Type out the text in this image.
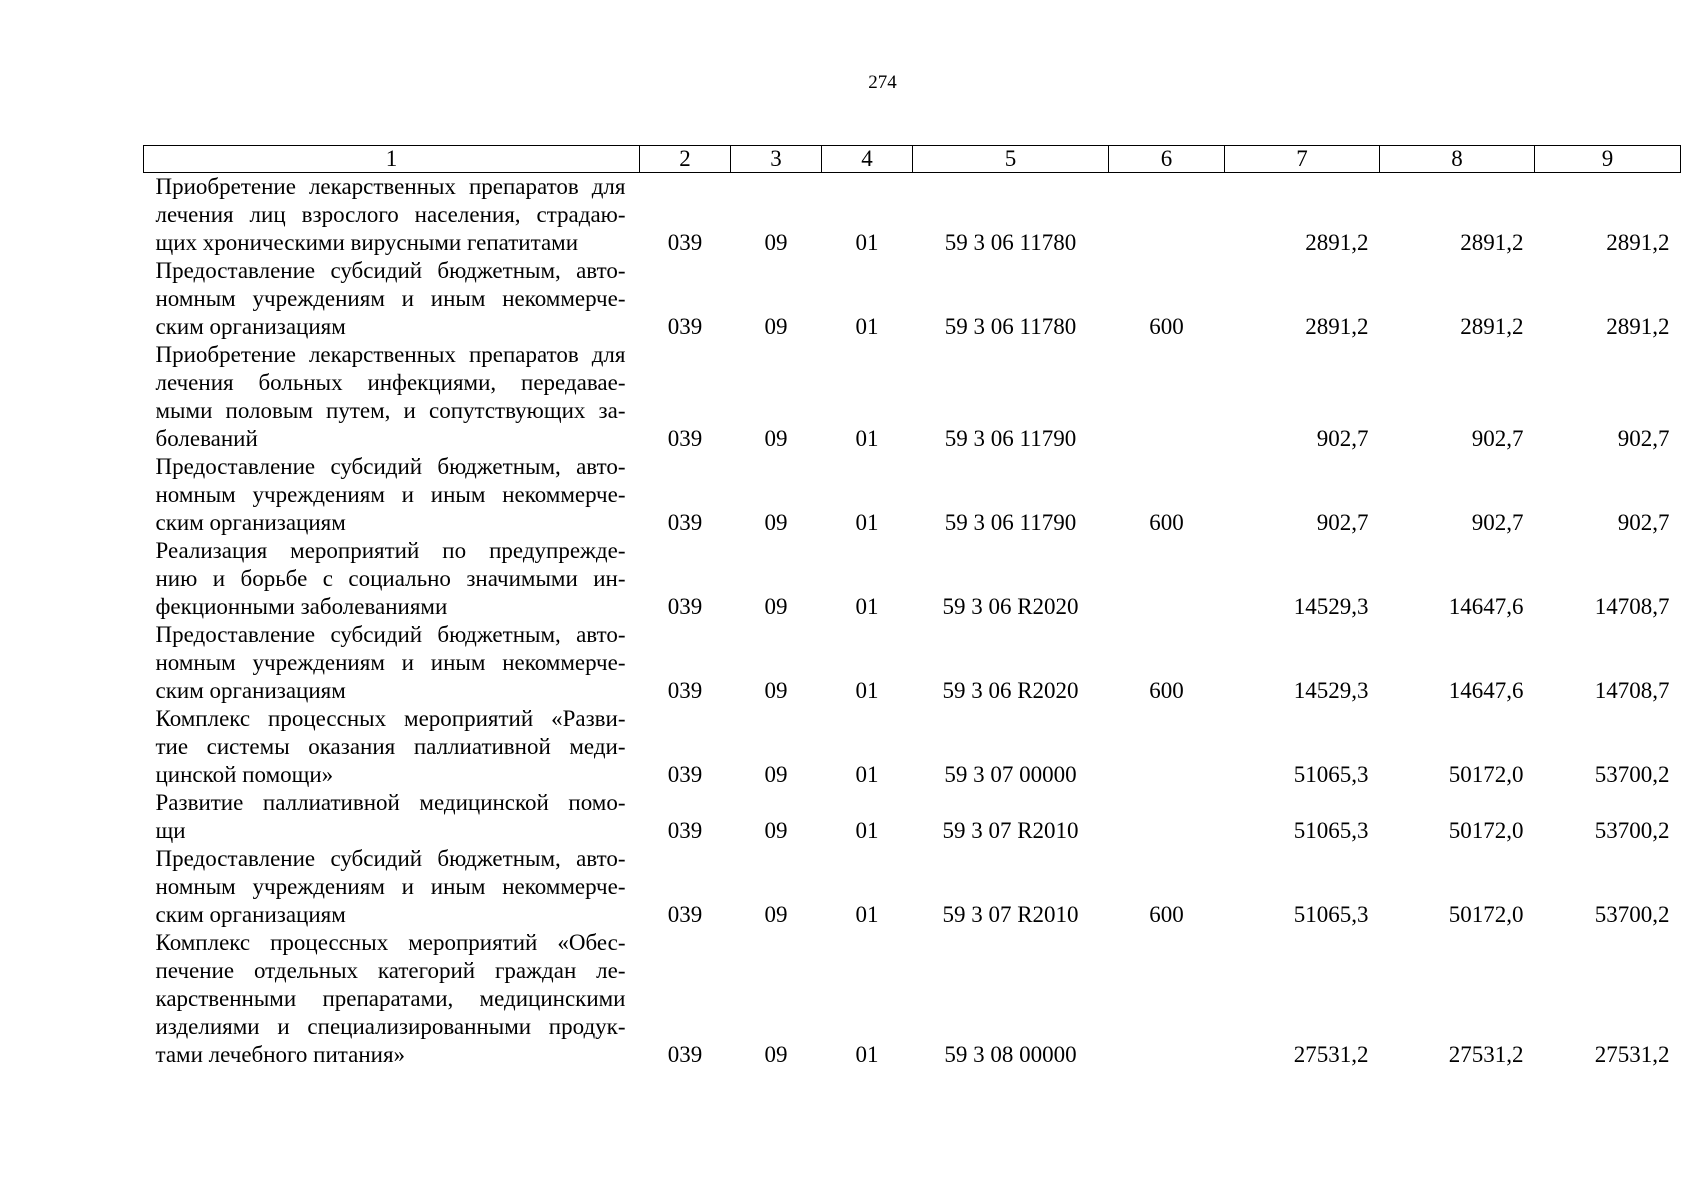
274
1	2	3	4	5	6	7	8	9

Приобретение лекарственных препаратов для
лечения лиц взрослого населения, страдаю-
щих хроническими вирусными гепатитами	039	09	01	59 3 06 11780		2891,2	2891,2	2891,2

Предоставление субсидий бюджетным, авто-
номным учреждениям и иным некоммерче-
ским организациям	039	09	01	59 3 06 11780	600	2891,2	2891,2	2891,2

Приобретение лекарственных препаратов для
лечения больных инфекциями, передавае-
мыми половым путем, и сопутствующих за-
болеваний	039	09	01	59 3 06 11790		902,7	902,7	902,7

Предоставление субсидий бюджетным, авто-
номным учреждениям и иным некоммерче-
ским организациям	039	09	01	59 3 06 11790	600	902,7	902,7	902,7

Реализация мероприятий по предупрежде-
нию и борьбе с социально значимыми ин-
фекционными заболеваниями	039	09	01	59 3 06 R2020		14529,3	14647,6	14708,7

Предоставление субсидий бюджетным, авто-
номным учреждениям и иным некоммерче-
ским организациям	039	09	01	59 3 06 R2020	600	14529,3	14647,6	14708,7

Комплекс процессных мероприятий «Разви-
тие системы оказания паллиативной меди-
цинской помощи»	039	09	01	59 3 07 00000		51065,3	50172,0	53700,2

Развитие паллиативной медицинской помо-
щи	039	09	01	59 3 07 R2010		51065,3	50172,0	53700,2

Предоставление субсидий бюджетным, авто-
номным учреждениям и иным некоммерче-
ским организациям	039	09	01	59 3 07 R2010	600	51065,3	50172,0	53700,2

Комплекс процессных мероприятий «Обес-
печение отдельных категорий граждан ле-
карственными препаратами, медицинскими
изделиями и специализированными продук-
тами лечебного питания»	039	09	01	59 3 08 00000		27531,2	27531,2	27531,2
